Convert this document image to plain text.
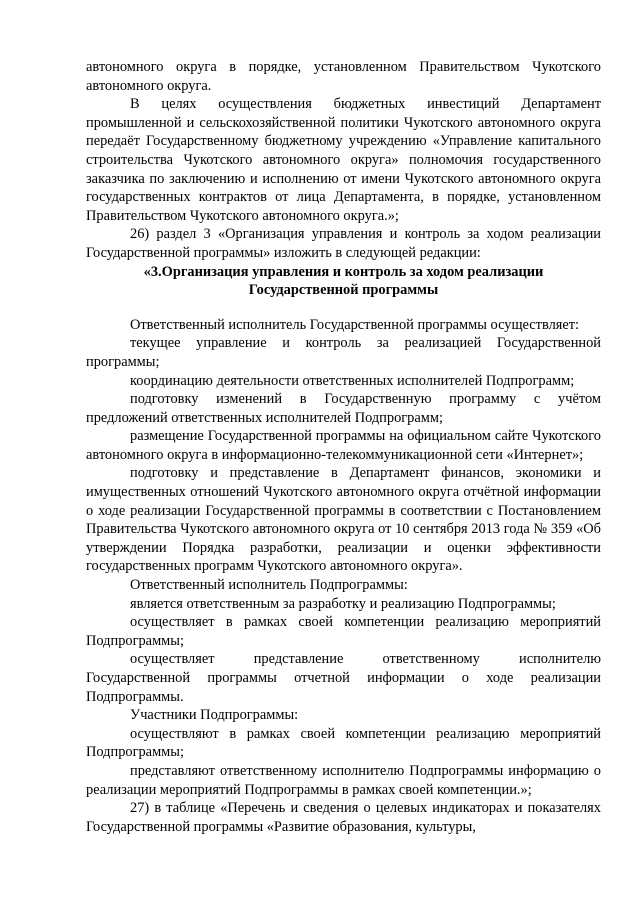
автономного округа в порядке, установленном Правительством Чукотского автономного округа.

В целях осуществления бюджетных инвестиций Департамент промышленной и сельскохозяйственной политики Чукотского автономного округа передаёт Государственному бюджетному учреждению «Управление капитального строительства Чукотского автономного округа» полномочия государственного заказчика по заключению и исполнению от имени Чукотского автономного округа государственных контрактов от лица Департамента, в порядке, установленном Правительством Чукотского автономного округа.»;

26) раздел 3 «Организация управления и контроль за ходом реализации Государственной программы» изложить в следующей редакции:

«3.Организация управления и контроль за ходом реализации

Государственной программы

Ответственный исполнитель Государственной программы осуществляет:

текущее управление и контроль за реализацией Государственной программы;

координацию деятельности ответственных исполнителей Подпрограмм;

подготовку изменений в Государственную программу с учётом предложений ответственных исполнителей Подпрограмм;

размещение Государственной программы на официальном сайте Чукотского автономного округа в информационно-телекоммуникационной сети «Интернет»;

подготовку и представление в Департамент финансов, экономики и имущественных отношений Чукотского автономного округа отчётной информации о ходе реализации Государственной программы в соответствии с Постановлением Правительства Чукотского автономного округа от 10 сентября 2013 года № 359 «Об утверждении Порядка разработки, реализации и оценки эффективности государственных программ Чукотского автономного округа».

Ответственный исполнитель Подпрограммы:

является ответственным за разработку и реализацию Подпрограммы;

осуществляет в рамках своей компетенции реализацию мероприятий Подпрограммы;

осуществляет представление ответственному исполнителю Государственной программы отчетной информации о ходе реализации Подпрограммы.

Участники Подпрограммы:

осуществляют в рамках своей компетенции реализацию мероприятий Подпрограммы;

представляют ответственному исполнителю Подпрограммы информацию о реализации мероприятий Подпрограммы в рамках своей компетенции.»;

27) в таблице «Перечень и сведения о целевых индикаторах и показателях Государственной программы «Развитие образования, культуры,
